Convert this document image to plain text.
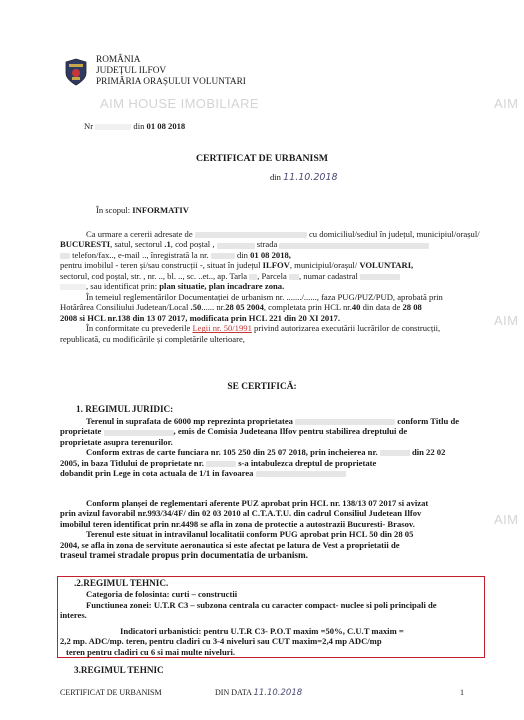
AIM HOUSE IMOBILIARE	AIM
AIM
AIM
ROMÂNIA
JUDEȚUL ILFOV
PRIMĂRIA ORAȘULUI VOLUNTARI
Nr	din 01 08 2018
CERTIFICAT DE URBANISM
din 11.10.2018
În scopul: INFORMATIV
Ca urmare a cererii adresate de	cu domiciliul/sediul în județul, municipiul/orașul/
BUCURESTI, satul, sectorul .1, cod poștal ,	strada
telefon/fax.., e-mail .., înregistrată la nr.	din 01 08 2018,
pentru imobilul - teren și/sau construcții -, situat în județul ILFOV, municipiul/orașul/ VOLUNTARI,
sectorul, cod poștal, str. , nr. .., bl. .., sc. ..et.., ap. Tarla , Parcela , numar cadastral
, sau identificat prin: plan situatie, plan incadrare zona.
În temeiul reglementărilor Documentației de urbanism nr. ......./......, faza PUG/PUZ/PUD, aprobată prin
Hotărârea Consiliului Judetean/Local .50...... nr.28 05 2004, completata prin HCL nr.40 din data de 28 08
2008 si HCL nr.138 din 13 07 2017, modificata prin HCL 221 din 20 XI 2017.
În conformitate cu prevederile Legii nr. 50/1991 privind autorizarea executării lucrărilor de construcții,
republicată, cu modificările și completările ulterioare,
SE CERTIFICĂ:
1. REGIMUL JURIDIC:
Terenul in suprafata de 6000 mp reprezinta proprietatea	conform Titlu de
proprietate	, emis de Comisia Judeteana Ilfov pentru stabilirea dreptului de
proprietate asupra terenurilor.
Conform extras de carte funciara nr. 105 250 din 25 07 2018, prin incheierea nr.	din 22 02
2005, in baza Titlului de proprietate nr.	s-a intabulezca dreptul de proprietate
dobandit prin Lege in cota actuala de 1/1 in favoarea
Conform planșei de reglementari aferente PUZ aprobat prin HCL nr. 138/13 07 2017 si avizat
prin avizul favorabil nr.993/34/4F/ din 02 03 2010 al C.T.A.T.U. din cadrul Consiliul Judetean Ilfov
imobilul teren identificat prin nr.4498 se afla in zona de protectie a autostrazii Bucuresti- Brasov.
Terenul este situat in intravilanul localitatii conform PUG aprobat prin HCL 50 din 28 05
2004, se afla in zona de servitute aeronautica si este afectat pe latura de Vest a proprietatii de
traseul tramei stradale propus prin documentatia de urbanism.
.2.REGIMUL TEHNIC.
Categoria de folosinta: curti – constructii
Functiunea zonei: U.T.R C3 – subzona centrala cu caracter compact- nuclee si poli principali de
interes.
Indicatori urbanistici: pentru U.T.R C3- P.O.T maxim =50%, C.U.T maxim =
2,2 mp. ADC/mp. teren, pentru cladiri cu 3-4 niveluri sau CUT maxim=2,4 mp ADC/mp
teren pentru cladiri cu 6 si mai multe niveluri.
3.REGIMUL TEHNIC
CERTIFICAT DE URBANISM	DIN DATA 11.10.2018	1
